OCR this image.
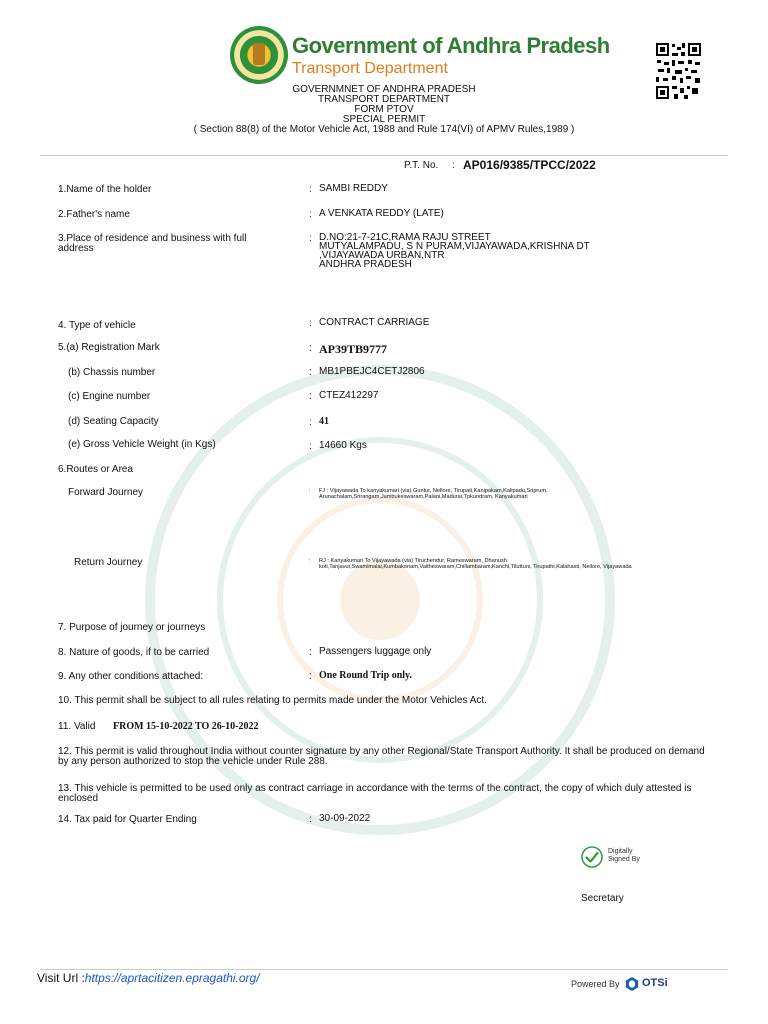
Government of Andhra Pradesh
Transport Department
GOVERNMNET OF ANDHRA PRADESH
TRANSPORT DEPARTMENT
FORM PTOV
SPECIAL PERMIT
( Section 88(8) of the Motor Vehicle Act, 1988 and Rule 174(VI) of APMV Rules,1989 )
P.T. No. : AP016/9385/TPCC/2022
1.Name of the holder	: SAMBI REDDY
2.Father's name	: A VENKATA REDDY (LATE)
3.Place of residence and business with full
address
: D.NO:21-7-21C,RAMA RAJU STREET
MUTYALAMPADU, S N PURAM,VIJAYAWADA,KRISHNA DT
,VIJAYAWADA URBAN,NTR
ANDHRA PRADESH
4. Type of vehicle	: CONTRACT CARRIAGE
5.(a) Registration Mark	: AP39TB9777
(b) Chassis number	: MB1PBEJC4CETJ2806
(c) Engine number	: CTEZ412297
(d) Seating Capacity	: 41
(e) Gross Vehicle Weight (in Kgs)	: 14660 Kgs
6.Routes or Area
Forward Journey	: FJ : Vijayawada To kanyakumari (via) Guntur, Nellore, Tirupati,Kanipakam,Kalipadu,Sriprum,
Arunachalam,Srirangam,Jambukeswaram,Palani,Madurai,Tpkundram, Kanyakumari
Return Journey	: RJ : Kanyakumari To Vijayawada (via) Tiruchendur, Rameswaram, Dhanush
koti,Tanjavur,Swamimalai,Kumbakonam,Vaitheswaram,Chillambaram,Kanchi,Tiluttuni, Tirupathi,Kalahasti, Nellore, Vijayawada
7. Purpose of journey or journeys
8. Nature of goods, if to be carried	: Passengers luggage only
9. Any other conditions attached:	: One Round Trip only.
10. This permit shall be subject to all rules relating to permits made under the Motor Vehicles Act.
11. Valid FROM 15-10-2022 TO 26-10-2022
12. This permit is valid throughout India without counter signature by any other Regional/State Transport Authority. It shall be produced on demand
by any person authorized to stop the vehicle under Rule 288.
13. This vehicle is permitted to be used only as contract carriage in accordance with the terms of the contract, the copy of which duly attested is
enclosed
14. Tax paid for Quarter Ending	: 30-09-2022
Digitally
Signed By
Secretary
Visit Url :https://aprtacitizen.epragathi.org/	Powered By OTSi
